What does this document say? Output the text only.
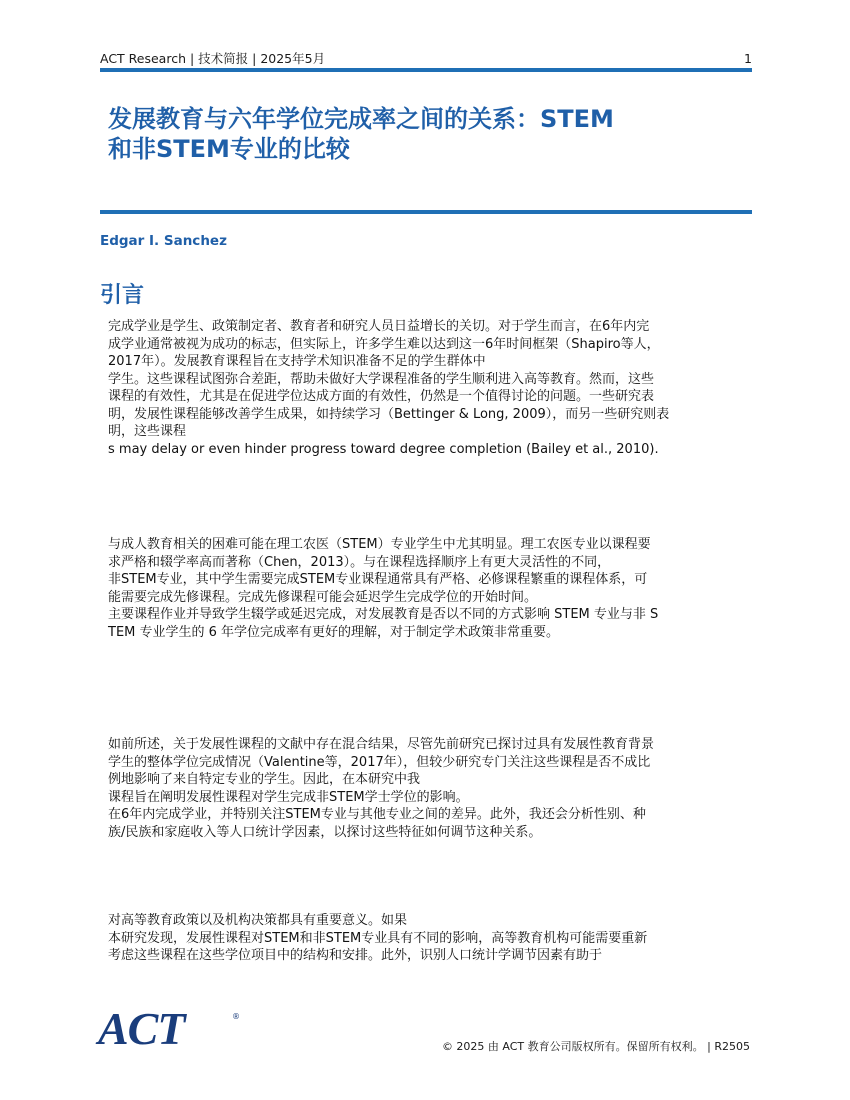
ACT Research | 技术简报 | 2025年5月	1
发展教育与六年学位完成率之间的关系：STEM
和非STEM专业的比较
Edgar I. Sanchez
引言
完成学业是学生、政策制定者、教育者和研究人员日益增长的关切。对于学生而言，在6年内完
成学业通常被视为成功的标志，但实际上，许多学生难以达到这一6年时间框架（Shapiro等人，
2017年）。发展教育课程旨在支持学术知识准备不足的学生群体中
学生。这些课程试图弥合差距，帮助未做好大学课程准备的学生顺利进入高等教育。然而，这些
课程的有效性，尤其是在促进学位达成方面的有效性，仍然是一个值得讨论的问题。一些研究表
明，发展性课程能够改善学生成果，如持续学习（Bettinger & Long, 2009），而另一些研究则表
明，这些课程
s may delay or even hinder progress toward degree completion (Bailey et al., 2010).
与成人教育相关的困难可能在理工农医（STEM）专业学生中尤其明显。理工农医专业以课程要
求严格和辍学率高而著称（Chen，2013）。与在课程选择顺序上有更大灵活性的不同，
非STEM专业，其中学生需要完成STEM专业课程通常具有严格、必修课程繁重的课程体系，可
能需要完成先修课程。完成先修课程可能会延迟学生完成学位的开始时间。
主要课程作业并导致学生辍学或延迟完成，对发展教育是否以不同的方式影响 STEM 专业与非 S
TEM 专业学生的 6 年学位完成率有更好的理解，对于制定学术政策非常重要。
如前所述，关于发展性课程的文献中存在混合结果，尽管先前研究已探讨过具有发展性教育背景
学生的整体学位完成情况（Valentine等，2017年），但较少研究专门关注这些课程是否不成比
例地影响了来自特定专业的学生。因此，在本研究中我
课程旨在阐明发展性课程对学生完成非STEM学士学位的影响。
在6年内完成学业，并特别关注STEM专业与其他专业之间的差异。此外，我还会分析性别、种
族/民族和家庭收入等人口统计学因素，以探讨这些特征如何调节这种关系。
对高等教育政策以及机构决策都具有重要意义。如果
本研究发现，发展性课程对STEM和非STEM专业具有不同的影响，高等教育机构可能需要重新
考虑这些课程在这些学位项目中的结构和安排。此外，识别人口统计学调节因素有助于
ACT	®
© 2025 由 ACT 教育公司版权所有。保留所有权利。 | R2505
